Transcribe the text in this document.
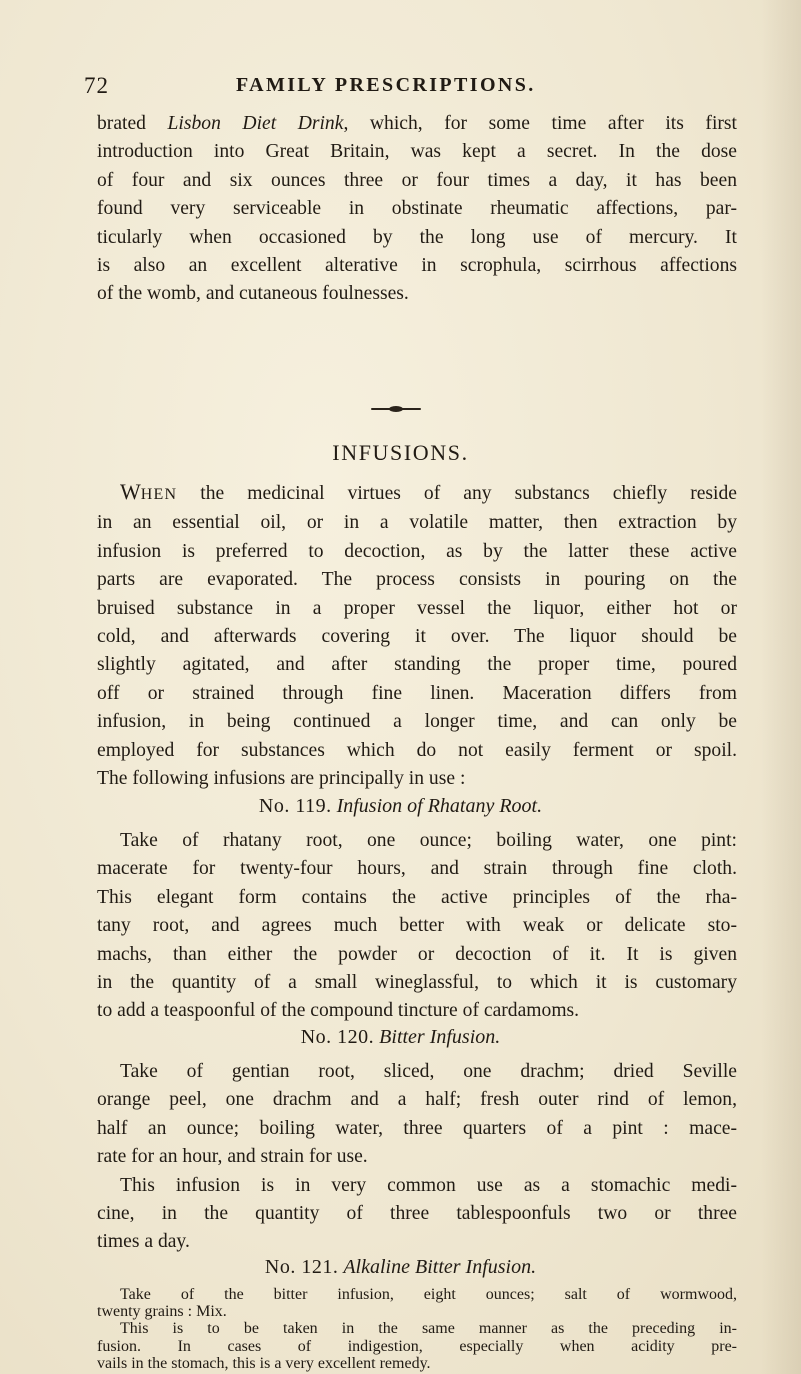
72	FAMILY PRESCRIPTIONS.
brated Lisbon Diet Drink, which, for some time after its first
introduction into Great Britain, was kept a secret. In the dose
of four and six ounces three or four times a day, it has been
found very serviceable in obstinate rheumatic affections, par-
ticularly when occasioned by the long use of mercury. It
is also an excellent alterative in scrophula, scirrhous affections
of the womb, and cutaneous foulnesses.
INFUSIONS.
WHEN the medicinal virtues of any substancs chiefly reside
in an essential oil, or in a volatile matter, then extraction by
infusion is preferred to decoction, as by the latter these active
parts are evaporated. The process consists in pouring on the
bruised substance in a proper vessel the liquor, either hot or
cold, and afterwards covering it over. The liquor should be
slightly agitated, and after standing the proper time, poured
off or strained through fine linen. Maceration differs from
infusion, in being continued a longer time, and can only be
employed for substances which do not easily ferment or spoil.
The following infusions are principally in use :
No. 119. Infusion of Rhatany Root.
Take of rhatany root, one ounce; boiling water, one pint:
macerate for twenty-four hours, and strain through fine cloth.
This elegant form contains the active principles of the rha-
tany root, and agrees much better with weak or delicate sto-
machs, than either the powder or decoction of it. It is given
in the quantity of a small wineglassful, to which it is customary
to add a teaspoonful of the compound tincture of cardamoms.
No. 120. Bitter Infusion.
Take of gentian root, sliced, one drachm; dried Seville
orange peel, one drachm and a half; fresh outer rind of lemon,
half an ounce; boiling water, three quarters of a pint : mace-
rate for an hour, and strain for use.
This infusion is in very common use as a stomachic medi-
cine, in the quantity of three tablespoonfuls two or three
times a day.
No. 121. Alkaline Bitter Infusion.
Take of the bitter infusion, eight ounces; salt of wormwood,
twenty grains : Mix.
This is to be taken in the same manner as the preceding in-
fusion. In cases of indigestion, especially when acidity pre-
vails in the stomach, this is a very excellent remedy.
